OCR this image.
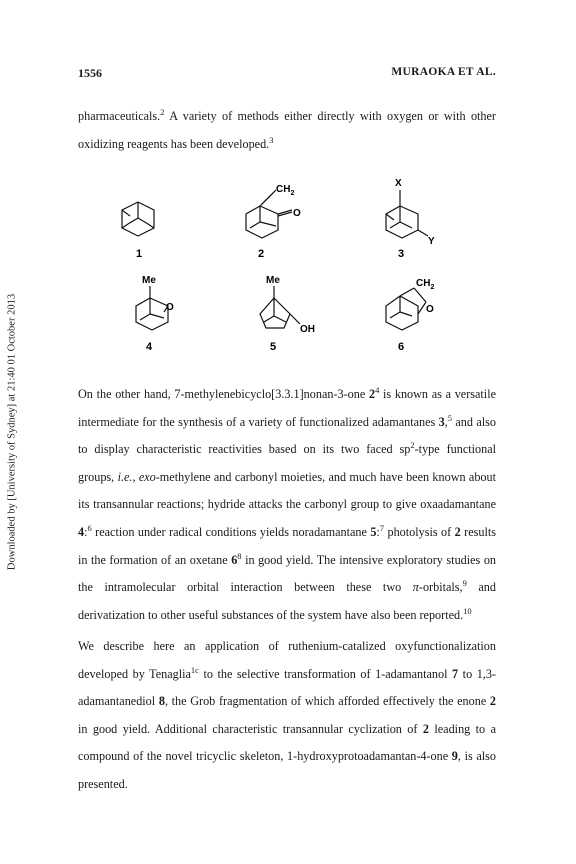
Downloaded by [University of Sydney] at 21:40 01 October 2013
1556	MURAOKA ET AL.
pharmaceuticals.$^2$ A variety of methods either directly with oxygen or with other oxidizing reagents has been developed.$^3$
$CH_2$
O
X
Y
Me
O
Me
OH
$CH_2$
O
1	2	3
4	5	6
On the other hand, 7-methylenebicyclo[3.3.1]nonan-3-one $2^4$ is known as a versatile intermediate for the synthesis of a variety of functionalized adamantanes 3,$^5$ and also to display characteristic reactivities based on its two faced $sp^2$-type functional groups, i.e., exo-methylene and carbonyl moieties, and much have been known about its transannular reactions; hydride attacks the carbonyl group to give oxaadamantane 4:$^6$ reaction under radical conditions yields noradamantane 5:$^7$ photolysis of 2 results in the formation of an oxetane $6^8$ in good yield. The intensive exploratory studies on the intramolecular orbital interaction between these two π-orbitals,$^9$ and derivatization to other useful substances of the system have also been reported.$^{10}$
We describe here an application of ruthenium-catalized oxyfunctionalization developed by Tenaglia$^{1c}$ to the selective transformation of 1-adamantanol 7 to 1,3-adamantanediol 8, the Grob fragmentation of which afforded effectively the enone 2 in good yield. Additional characteristic transannular cyclization of 2 leading to a compound of the novel tricyclic skeleton, 1-hydroxyprotoadamantan-4-one 9, is also presented.
